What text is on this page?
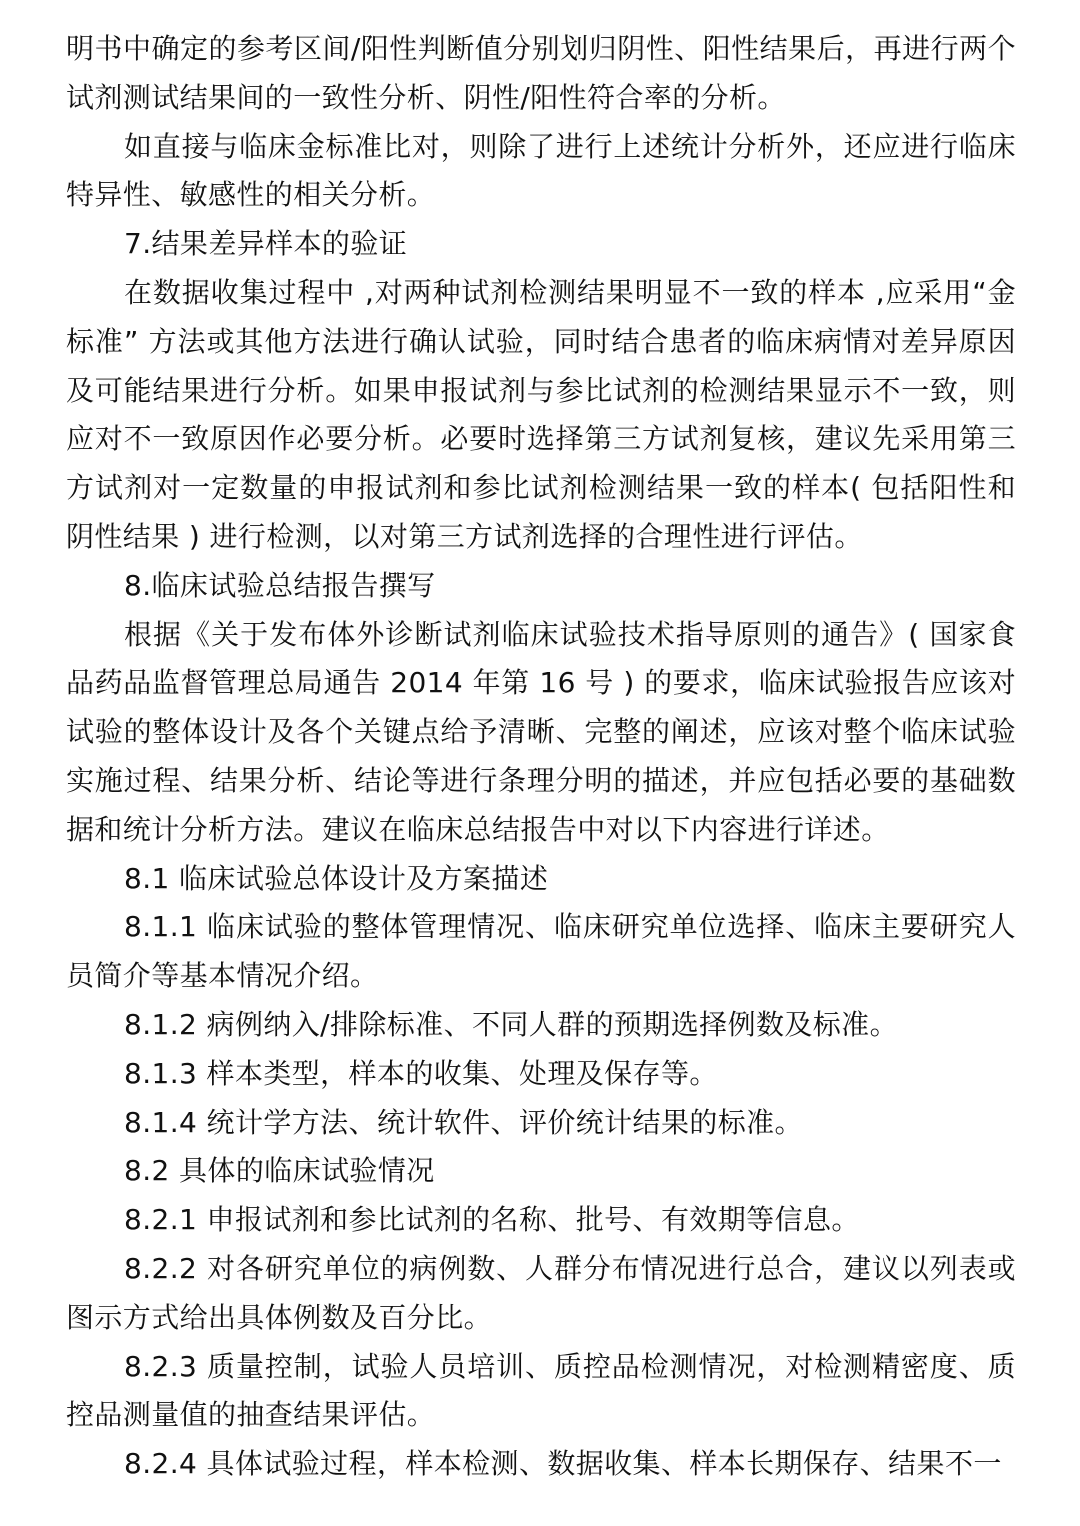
明书中确定的参考区间/阳性判断值分别划归阴性、阳性结果后，再进行两个试剂测试结果间的一致性分析、阴性/阳性符合率的分析。

如直接与临床金标准比对，则除了进行上述统计分析外，还应进行临床特异性、敏感性的相关分析。

7.结果差异样本的验证

在数据收集过程中 ,对两种试剂检测结果明显不一致的样本 ,应采用“金标准” 方法或其他方法进行确认试验，同时结合患者的临床病情对差异原因及可能结果进行分析。如果申报试剂与参比试剂的检测结果显示不一致，则应对不一致原因作必要分析。必要时选择第三方试剂复核，建议先采用第三方试剂对一定数量的申报试剂和参比试剂检测结果一致的样本( 包括阳性和阴性结果 ) 进行检测，以对第三方试剂选择的合理性进行评估。

8.临床试验总结报告撰写

根据《关于发布体外诊断试剂临床试验技术指导原则的通告》( 国家食品药品监督管理总局通告 2014 年第 16 号 ) 的要求，临床试验报告应该对试验的整体设计及各个关键点给予清晰、完整的阐述，应该对整个临床试验实施过程、结果分析、结论等进行条理分明的描述，并应包括必要的基础数据和统计分析方法。建议在临床总结报告中对以下内容进行详述。

8.1 临床试验总体设计及方案描述

8.1.1 临床试验的整体管理情况、临床研究单位选择、临床主要研究人员简介等基本情况介绍。

8.1.2 病例纳入/排除标准、不同人群的预期选择例数及标准。

8.1.3 样本类型，样本的收集、处理及保存等。

8.1.4 统计学方法、统计软件、评价统计结果的标准。

8.2 具体的临床试验情况

8.2.1 申报试剂和参比试剂的名称、批号、有效期等信息。

8.2.2 对各研究单位的病例数、人群分布情况进行总合，建议以列表或图示方式给出具体例数及百分比。

8.2.3 质量控制，试验人员培训、质控品检测情况，对检测精密度、质控品测量值的抽查结果评估。

8.2.4 具体试验过程，样本检测、数据收集、样本长期保存、结果不一
